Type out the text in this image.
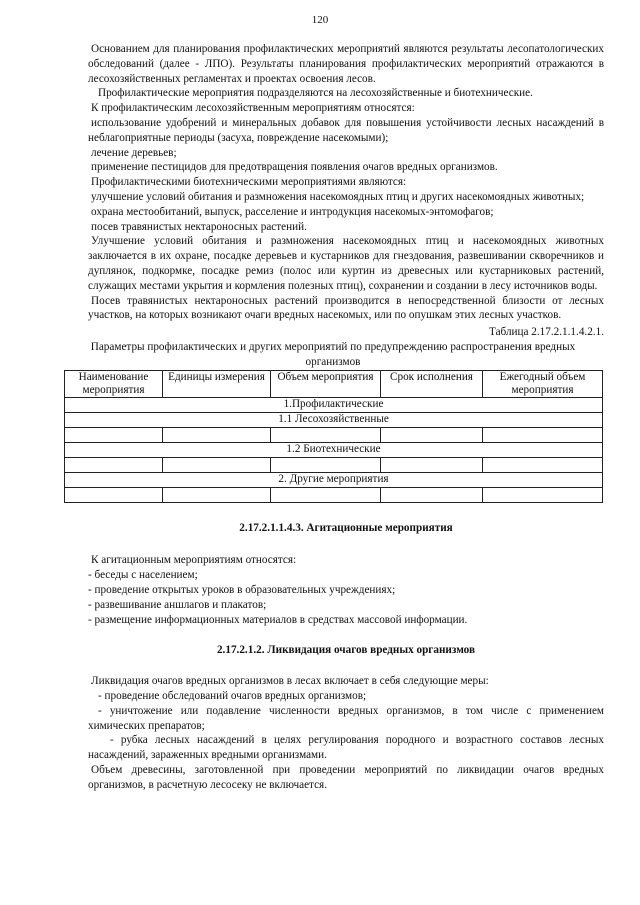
120

Основанием для планирования профилактических мероприятий являются результаты лесопатологических обследований (далее - ЛПО). Результаты планирования профилактических мероприятий отражаются в лесохозяйственных регламентах и проектах освоения лесов.

Профилактические мероприятия подразделяются на лесохозяйственные и биотехнические.

К профилактическим лесохозяйственным мероприятиям относятся:

использование удобрений и минеральных добавок для повышения устойчивости лесных насаждений в неблагоприятные периоды (засуха, повреждение насекомыми);

лечение деревьев;

применение пестицидов для предотвращения появления очагов вредных организмов.

Профилактическими биотехническими мероприятиями являются:

улучшение условий обитания и размножения насекомоядных птиц и других насекомоядных животных;

охрана местообитаний, выпуск, расселение и интродукция насекомых-энтомофагов;

посев травянистых нектароносных растений.

Улучшение условий обитания и размножения насекомоядных птиц и насекомоядных животных заключается в их охране, посадке деревьев и кустарников для гнездования, развешивании скворечников и дуплянок, подкормке, посадке ремиз (полос или куртин из древесных или кустарниковых растений, служащих местами укрытия и кормления полезных птиц), сохранении и создании в лесу источников воды.

Посев травянистых нектароносных растений производится в непосредственной близости от лесных участков, на которых возникают очаги вредных насекомых, или по опушкам этих лесных участков.

Таблица 2.17.2.1.1.4.2.1.

Параметры профилактических и других мероприятий по предупреждению распространения вредных организмов

Наименование мероприятия	Единицы измерения	Объем мероприятия	Срок исполнения	Ежегодный объем мероприятия
1.Профилактические				
1.1 Лесохозяйственные				

1.2 Биотехнические				

2. Другие мероприятия				

2.17.2.1.1.4.3. Агитационные мероприятия

К агитационным мероприятиям относятся:

- беседы с населением;
- проведение открытых уроков в образовательных учреждениях;
- развешивание аншлагов и плакатов;
- размещение информационных материалов в средствах массовой информации.

2.17.2.1.2. Ликвидация очагов вредных организмов

Ликвидация очагов вредных организмов в лесах включает в себя следующие меры:

- проведение обследований очагов вредных организмов;

- уничтожение или подавление численности вредных организмов, в том числе с применением химических препаратов;

- рубка лесных насаждений в целях регулирования породного и возрастного составов лесных насаждений, зараженных вредными организмами.

Объем древесины, заготовленной при проведении мероприятий по ликвидации очагов вредных организмов, в расчетную лесосеку не включается.
